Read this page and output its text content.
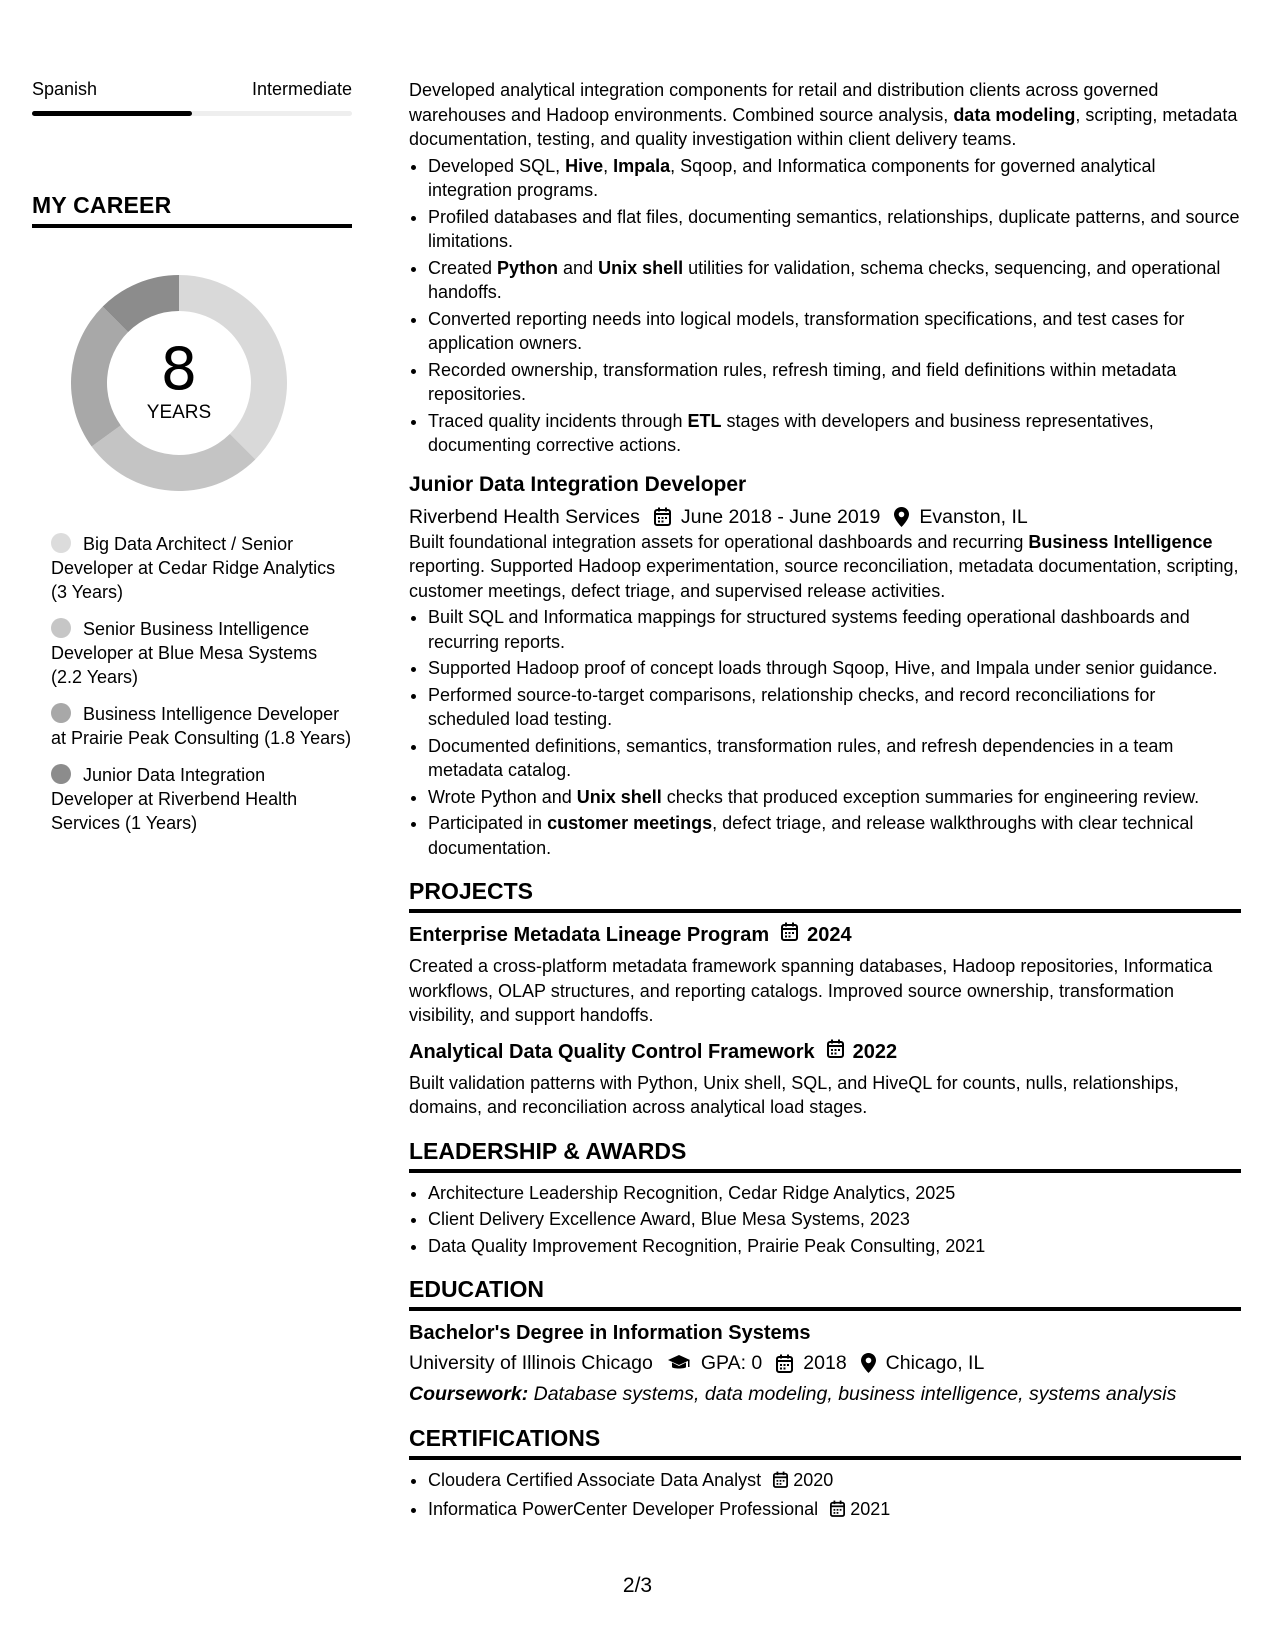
Spanish	Intermediate
MY CAREER
8
YEARS
Big Data Architect / Senior Developer at Cedar Ridge Analytics (3 Years)
Senior Business Intelligence Developer at Blue Mesa Systems (2.2 Years)
Business Intelligence Developer at Prairie Peak Consulting (1.8 Years)
Junior Data Integration Developer at Riverbend Health Services (1 Years)

Developed analytical integration components for retail and distribution clients across governed warehouses and Hadoop environments. Combined source analysis, data modeling, scripting, metadata documentation, testing, and quality investigation within client delivery teams.

• Developed SQL, Hive, Impala, Sqoop, and Informatica components for governed analytical integration programs.
• Profiled databases and flat files, documenting semantics, relationships, duplicate patterns, and source limitations.
• Created Python and Unix shell utilities for validation, schema checks, sequencing, and operational handoffs.
• Converted reporting needs into logical models, transformation specifications, and test cases for application owners.
• Recorded ownership, transformation rules, refresh timing, and field definitions within metadata repositories.
• Traced quality incidents through ETL stages with developers and business representatives, documenting corrective actions.
Junior Data Integration Developer
Riverbend Health Services June 2018 - June 2019 Evanston, IL

Built foundational integration assets for operational dashboards and recurring Business Intelligence reporting. Supported Hadoop experimentation, source reconciliation, metadata documentation, scripting, customer meetings, defect triage, and supervised release activities.

• Built SQL and Informatica mappings for structured systems feeding operational dashboards and recurring reports.
• Supported Hadoop proof of concept loads through Sqoop, Hive, and Impala under senior guidance.
• Performed source-to-target comparisons, relationship checks, and record reconciliations for scheduled load testing.
• Documented definitions, semantics, transformation rules, and refresh dependencies in a team metadata catalog.
• Wrote Python and Unix shell checks that produced exception summaries for engineering review.
• Participated in customer meetings, defect triage, and release walkthroughs with clear technical documentation.
PROJECTS
Enterprise Metadata Lineage Program 2024
Created a cross-platform metadata framework spanning databases, Hadoop repositories, Informatica workflows, OLAP structures, and reporting catalogs. Improved source ownership, transformation visibility, and support handoffs.
Analytical Data Quality Control Framework 2022
Built validation patterns with Python, Unix shell, SQL, and HiveQL for counts, nulls, relationships, domains, and reconciliation across analytical load stages.
LEADERSHIP & AWARDS
• Architecture Leadership Recognition, Cedar Ridge Analytics, 2025
• Client Delivery Excellence Award, Blue Mesa Systems, 2023
• Data Quality Improvement Recognition, Prairie Peak Consulting, 2021
EDUCATION
Bachelor's Degree in Information Systems
University of Illinois Chicago GPA: 0 2018 Chicago, IL
Coursework: Database systems, data modeling, business intelligence, systems analysis
CERTIFICATIONS
• Cloudera Certified Associate Data Analyst 2020
• Informatica PowerCenter Developer Professional 2021
2/3
